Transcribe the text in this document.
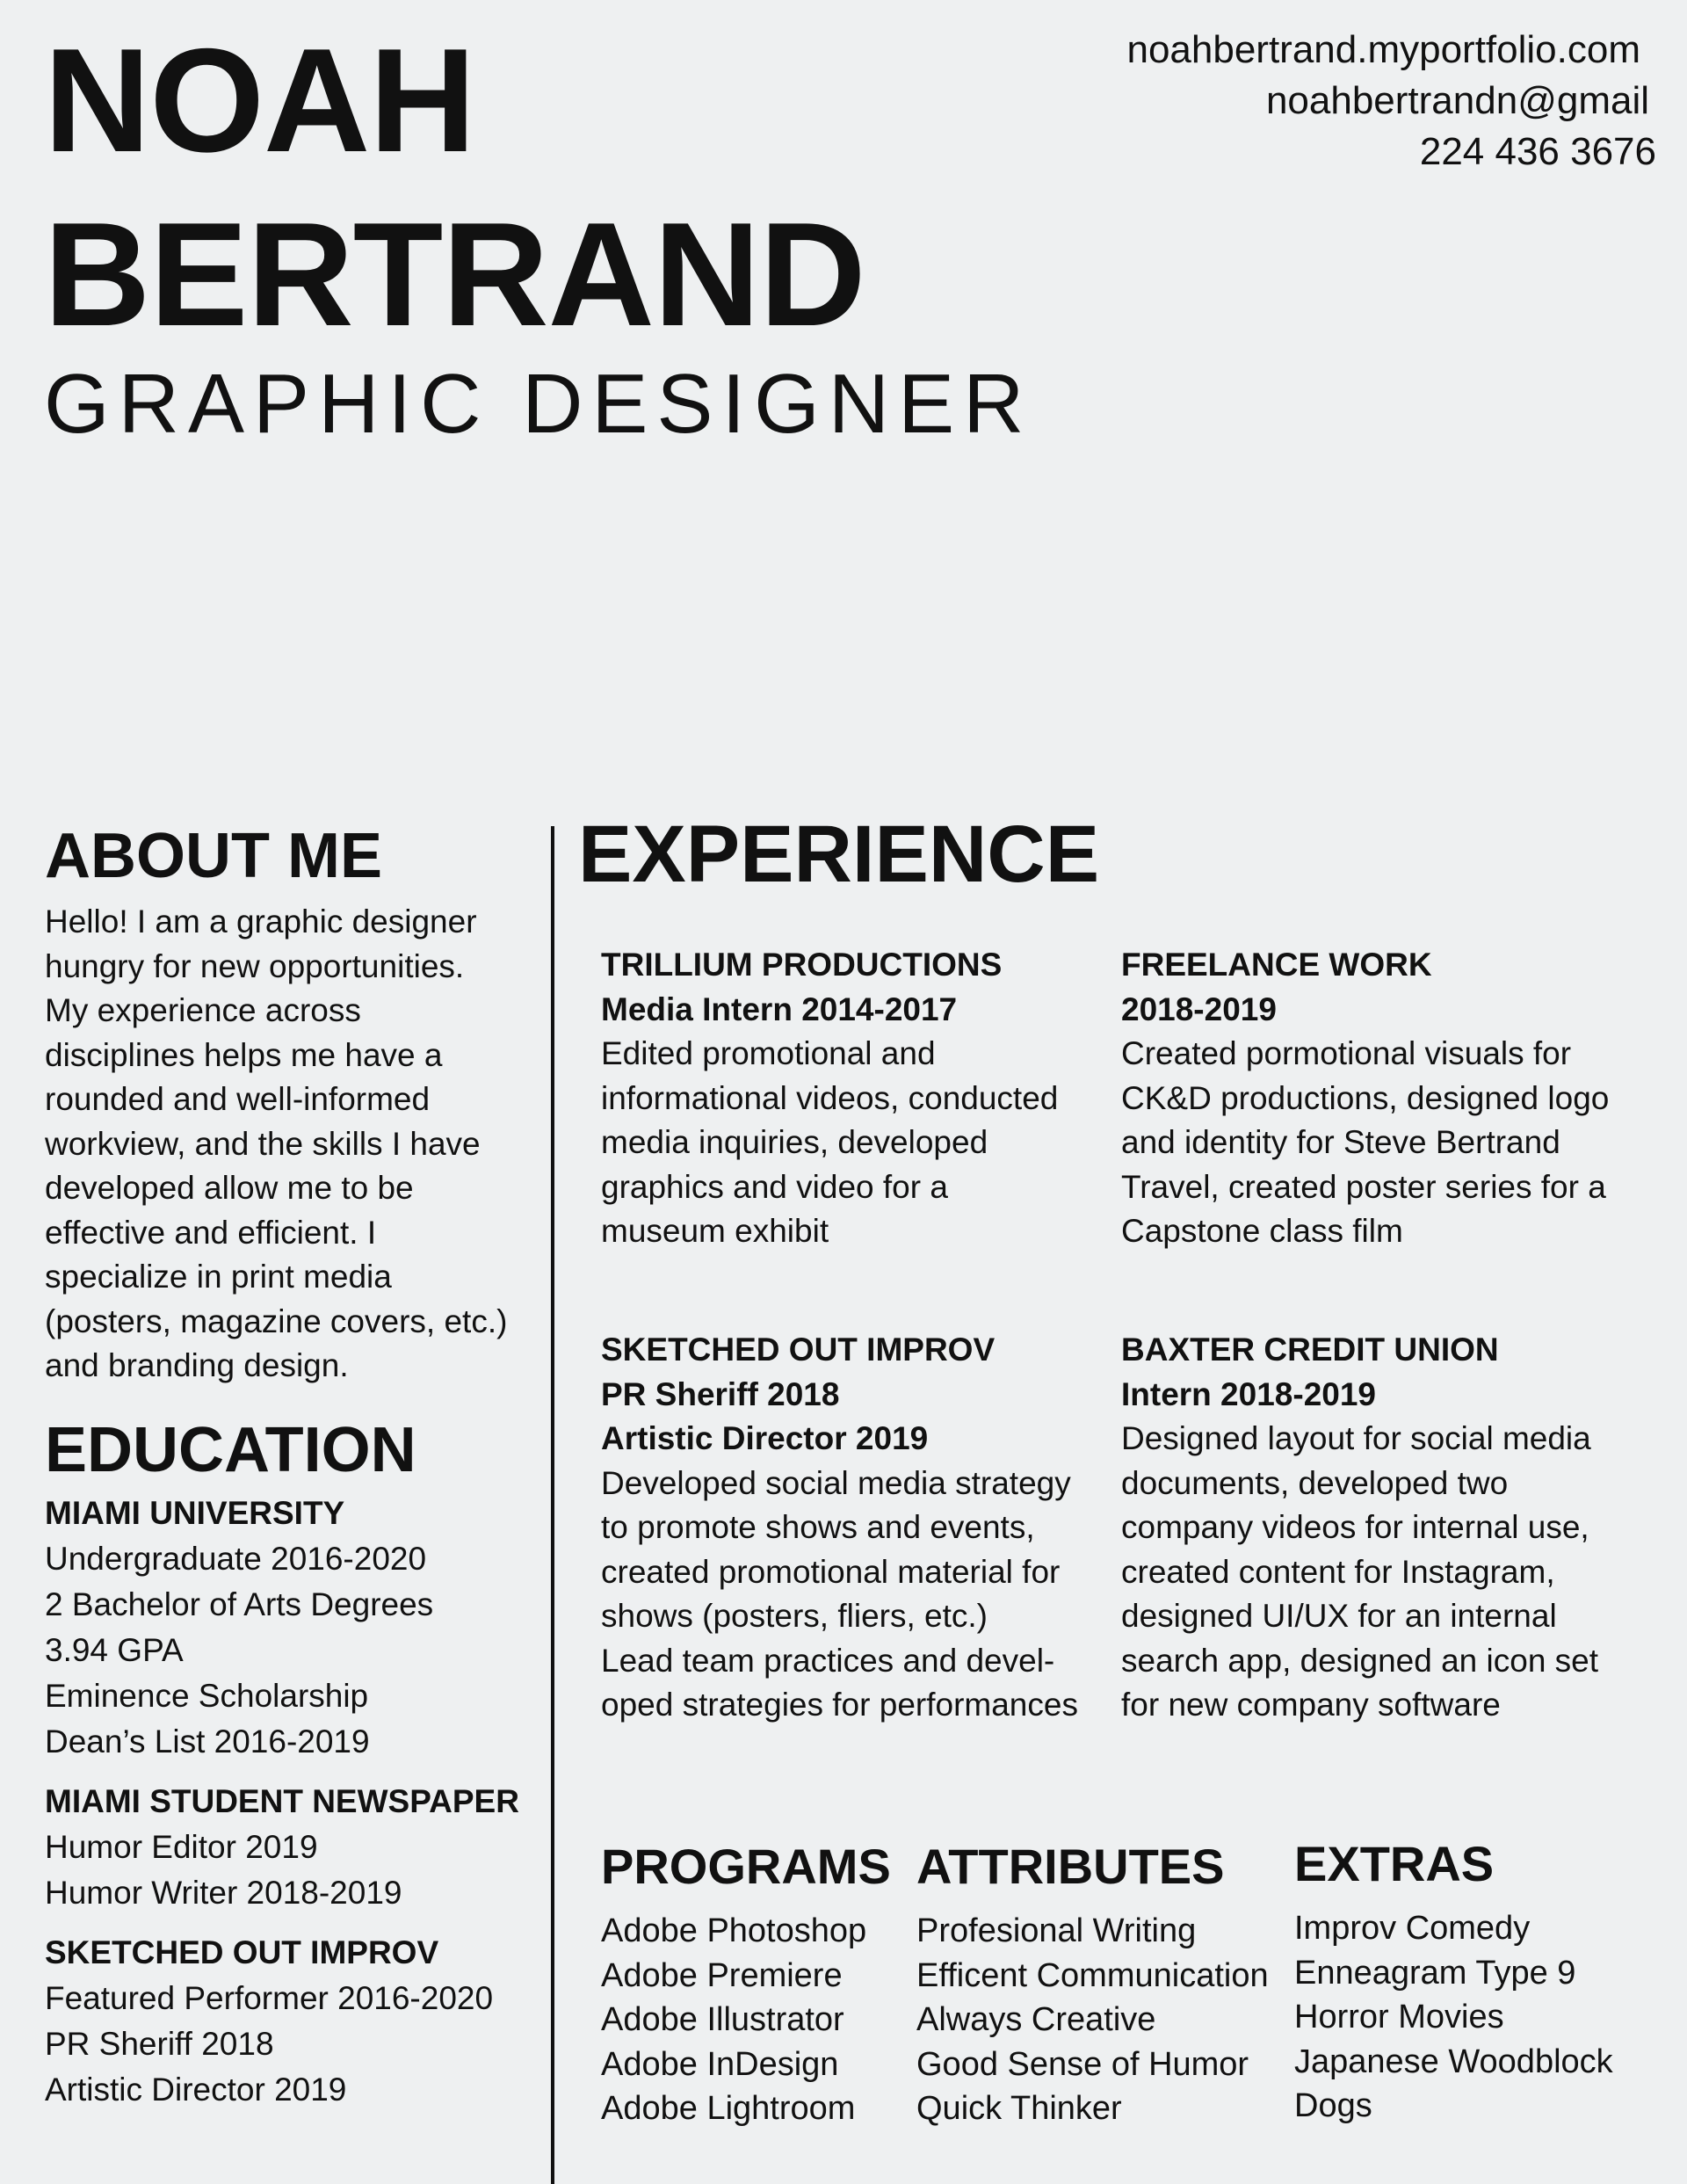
NOAH
BERTRAND
GRAPHIC DESIGNER
noahbertrand.myportfolio.com
noahbertrandn@gmail
224 436 3676
ABOUT ME
Hello! I am a graphic designer
hungry for new opportunities.
My experience across
disciplines helps me have a
rounded and well-informed
workview, and the skills I have
developed allow me to be
effective and efficient. I
specialize in print media
(posters, magazine covers, etc.)
and branding design.
EDUCATION
MIAMI UNIVERSITY
Undergraduate 2016-2020
2 Bachelor of Arts Degrees
3.94 GPA
Eminence Scholarship
Dean’s List 2016-2019
MIAMI STUDENT NEWSPAPER
Humor Editor 2019
Humor Writer 2018-2019
SKETCHED OUT IMPROV
Featured Performer 2016-2020
PR Sheriff 2018
Artistic Director 2019
EXPERIENCE
TRILLIUM PRODUCTIONS
Media Intern 2014-2017
Edited promotional and
informational videos, conducted
media inquiries, developed
graphics and video for a
museum exhibit
FREELANCE WORK
2018-2019
Created pormotional visuals for
CK&D productions, designed logo
and identity for Steve Bertrand
Travel, created poster series for a
Capstone class film
SKETCHED OUT IMPROV
PR Sheriff 2018
Artistic Director 2019
Developed social media strategy
to promote shows and events,
created promotional material for
shows (posters, fliers, etc.)
Lead team practices and devel-
oped strategies for performances
BAXTER CREDIT UNION
Intern 2018-2019
Designed layout for social media
documents, developed two
company videos for internal use,
created content for Instagram,
designed UI/UX for an internal
search app, designed an icon set
for new company software
PROGRAMS
Adobe Photoshop
Adobe Premiere
Adobe Illustrator
Adobe InDesign
Adobe Lightroom
ATTRIBUTES
Profesional Writing
Efficent Communication
Always Creative
Good Sense of Humor
Quick Thinker
EXTRAS
Improv Comedy
Enneagram Type 9
Horror Movies
Japanese Woodblock
Dogs
